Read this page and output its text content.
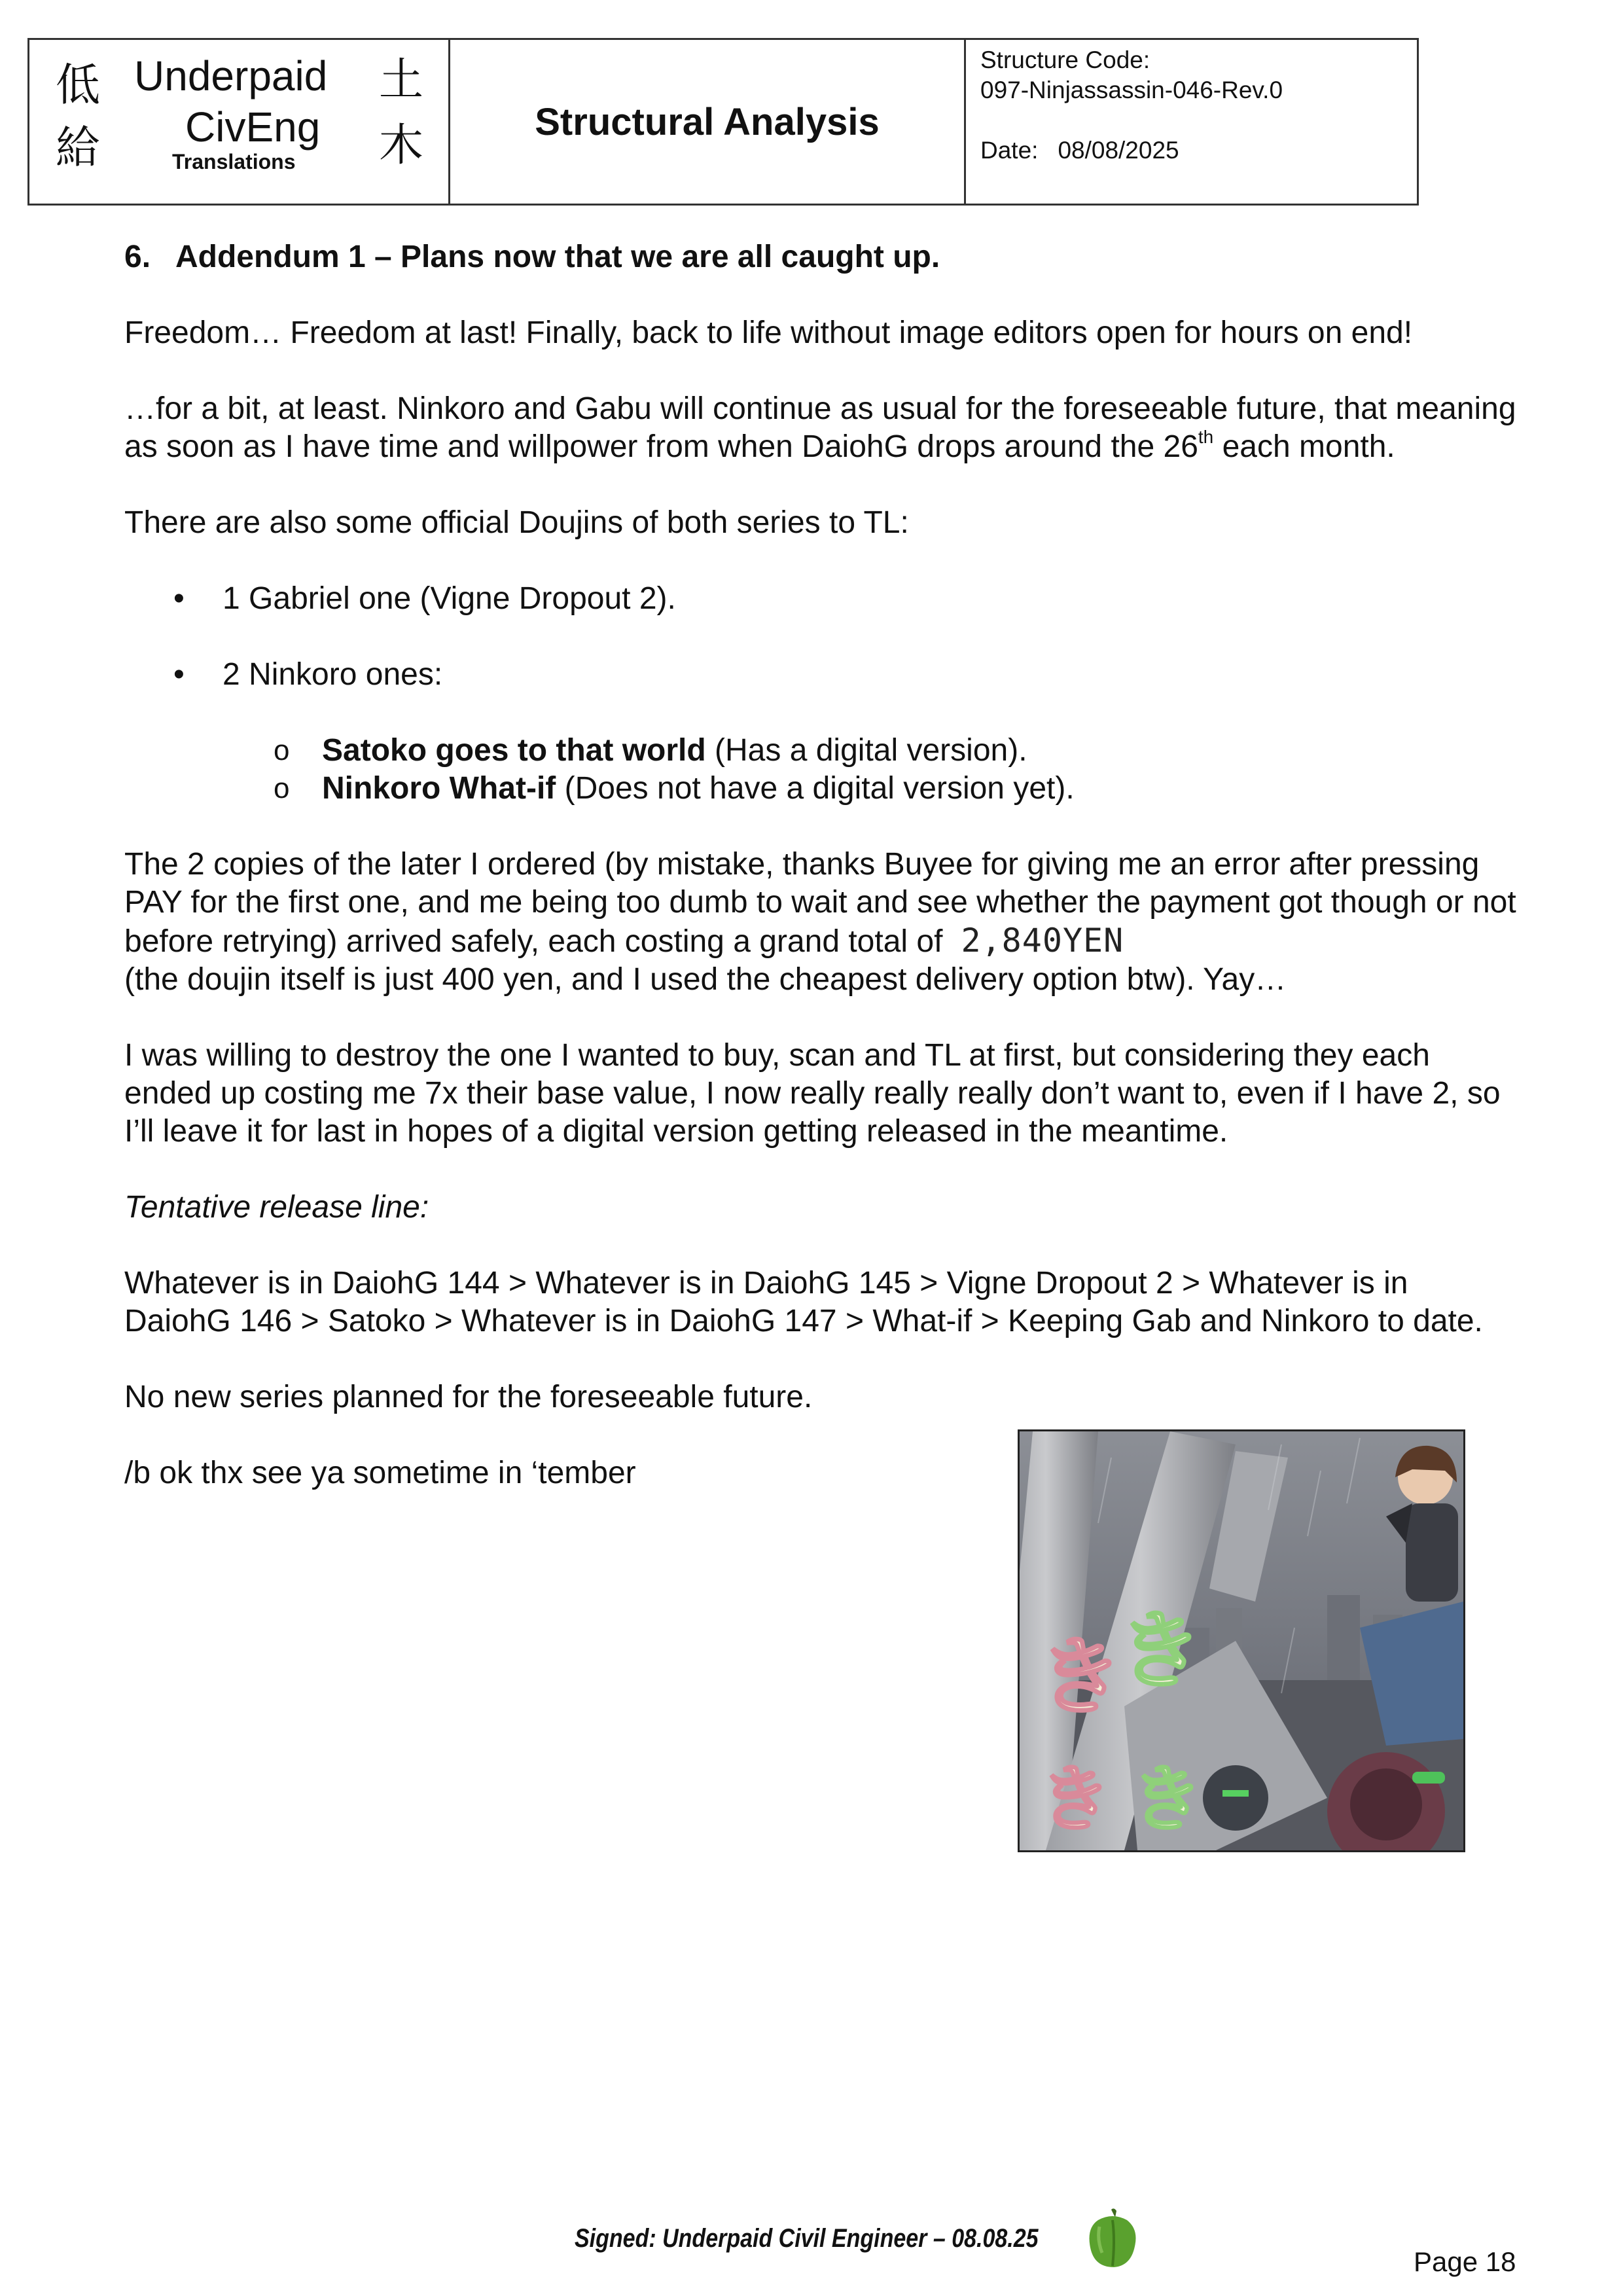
低
給
土
木
Underpaid
CivEng
Translations
Structural Analysis
Structure Code:
097-Ninjassassin-046-Rev.0
Date: 08/08/2025

6. Addendum 1 – Plans now that we are all caught up.

Freedom… Freedom at last! Finally, back to life without image editors open for hours on end!

…for a bit, at least. Ninkoro and Gabu will continue as usual for the foreseeable future, that meaning as soon as I have time and willpower from when DaiohG drops around the 26th each month.

There are also some official Doujins of both series to TL:

•	1 Gabriel one (Vigne Dropout 2).
•	2 Ninkoro ones:
o	Satoko goes to that world (Has a digital version).
o	Ninkoro What-if (Does not have a digital version yet).

The 2 copies of the later I ordered (by mistake, thanks Buyee for giving me an error after pressing PAY for the first one, and me being too dumb to wait and see whether the payment got though or not before retrying) arrived safely, each costing a grand total of 2,840YEN
(the doujin itself is just 400 yen, and I used the cheapest delivery option btw). Yay…

I was willing to destroy the one I wanted to buy, scan and TL at first, but considering they each ended up costing me 7x their base value, I now really really really don’t want to, even if I have 2, so I’ll leave it for last in hopes of a digital version getting released in the meantime.

Tentative release line:

Whatever is in DaiohG 144 > Whatever is in DaiohG 145 > Vigne Dropout 2 > Whatever is in DaiohG 146 > Satoko > Whatever is in DaiohG 147 > What-if > Keeping Gab and Ninkoro to date.

No new series planned for the foreseeable future.

/b ok thx see ya sometime in ‘tember

き
き
き き
Signed: Underpaid Civil Engineer – 08.08.25
Page 18
